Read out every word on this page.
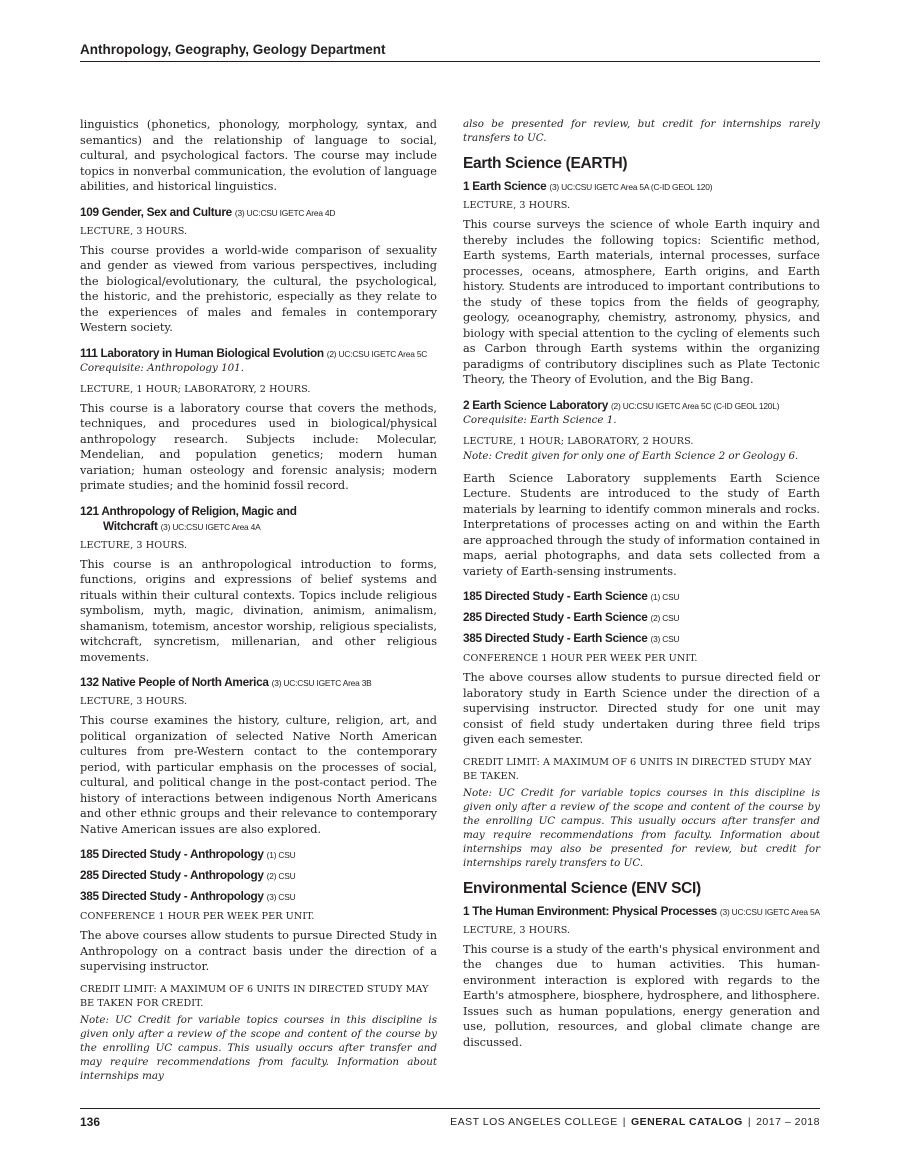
Anthropology, Geography, Geology Department

linguistics (phonetics, phonology, morphology, syntax, and semantics) and the relationship of language to social, cultural, and psychological factors. The course may include topics in nonverbal communication, the evolution of language abilities, and historical linguistics.

109 Gender, Sex and Culture (3) UC:CSU IGETC Area 4D
LECTURE, 3 HOURS.

This course provides a world-wide comparison of sexuality and gender as viewed from various perspectives, including the biological/evolutionary, the cultural, the psychological, the historic, and the prehistoric, especially as they relate to the experiences of males and females in contemporary Western society.

111 Laboratory in Human Biological Evolution (2) UC:CSU IGETC Area 5C
Corequisite: Anthropology 101.
LECTURE, 1 HOUR; LABORATORY, 2 HOURS.

This course is a laboratory course that covers the methods, techniques, and procedures used in biological/physical anthropology research. Subjects include: Molecular, Mendelian, and population genetics; modern human variation; human osteology and forensic analysis; modern primate studies; and the hominid fossil record.

121 Anthropology of Religion, Magic and
Witchcraft (3) UC:CSU IGETC Area 4A
LECTURE, 3 HOURS.

This course is an anthropological introduction to forms, functions, origins and expressions of belief systems and rituals within their cultural contexts. Topics include religious symbolism, myth, magic, divination, animism, animalism, shamanism, totemism, ancestor worship, religious specialists, witchcraft, syncretism, millenarian, and other religious movements.

132 Native People of North America (3) UC:CSU IGETC Area 3B
LECTURE, 3 HOURS.

This course examines the history, culture, religion, art, and political organization of selected Native North American cultures from pre-Western contact to the contemporary period, with particular emphasis on the processes of social, cultural, and political change in the post-contact period. The history of interactions between indigenous North Americans and other ethnic groups and their relevance to contemporary Native American issues are also explored.

185 Directed Study - Anthropology (1) CSU
285 Directed Study - Anthropology (2) CSU
385 Directed Study - Anthropology (3) CSU
CONFERENCE 1 HOUR PER WEEK PER UNIT.

The above courses allow students to pursue Directed Study in Anthropology on a contract basis under the direction of a supervising instructor.

CREDIT LIMIT: A MAXIMUM OF 6 UNITS IN DIRECTED STUDY MAY BE TAKEN FOR CREDIT.
Note: UC Credit for variable topics courses in this discipline is given only after a review of the scope and content of the course by the enrolling UC campus. This usually occurs after transfer and may require recommendations from faculty. Information about internships may
also be presented for review, but credit for internships rarely transfers to UC.
Earth Science (EARTH)
1 Earth Science (3) UC:CSU IGETC Area 5A (C-ID GEOL 120)
LECTURE, 3 HOURS.

This course surveys the science of whole Earth inquiry and thereby includes the following topics: Scientific method, Earth systems, Earth materials, internal processes, surface processes, oceans, atmosphere, Earth origins, and Earth history. Students are introduced to important contributions to the study of these topics from the fields of geography, geology, oceanography, chemistry, astronomy, physics, and biology with special attention to the cycling of elements such as Carbon through Earth systems within the organizing paradigms of contributory disciplines such as Plate Tectonic Theory, the Theory of Evolution, and the Big Bang.

2 Earth Science Laboratory (2) UC:CSU IGETC Area 5C (C-ID GEOL 120L)
Corequisite: Earth Science 1.
LECTURE, 1 HOUR; LABORATORY, 2 HOURS.
Note: Credit given for only one of Earth Science 2 or Geology 6.

Earth Science Laboratory supplements Earth Science Lecture. Students are introduced to the study of Earth materials by learning to identify common minerals and rocks. Interpretations of processes acting on and within the Earth are approached through the study of information contained in maps, aerial photographs, and data sets collected from a variety of Earth-sensing instruments.

185 Directed Study - Earth Science (1) CSU
285 Directed Study - Earth Science (2) CSU
385 Directed Study - Earth Science (3) CSU
CONFERENCE 1 HOUR PER WEEK PER UNIT.

The above courses allow students to pursue directed field or laboratory study in Earth Science under the direction of a supervising instructor. Directed study for one unit may consist of field study undertaken during three field trips given each semester.

CREDIT LIMIT: A MAXIMUM OF 6 UNITS IN DIRECTED STUDY MAY BE TAKEN.
Note: UC Credit for variable topics courses in this discipline is given only after a review of the scope and content of the course by the enrolling UC campus. This usually occurs after transfer and may require recommendations from faculty. Information about internships may also be presented for review, but credit for internships rarely transfers to UC.
Environmental Science (ENV SCI)
1 The Human Environment: Physical Processes (3) UC:CSU IGETC Area 5A
LECTURE, 3 HOURS.

This course is a study of the earth's physical environment and the changes due to human activities. This human-environment interaction is explored with regards to the Earth's atmosphere, biosphere, hydrosphere, and lithosphere. Issues such as human populations, energy generation and use, pollution, resources, and global climate change are discussed.

136	EAST LOS ANGELES COLLEGE | GENERAL CATALOG | 2017 – 2018
